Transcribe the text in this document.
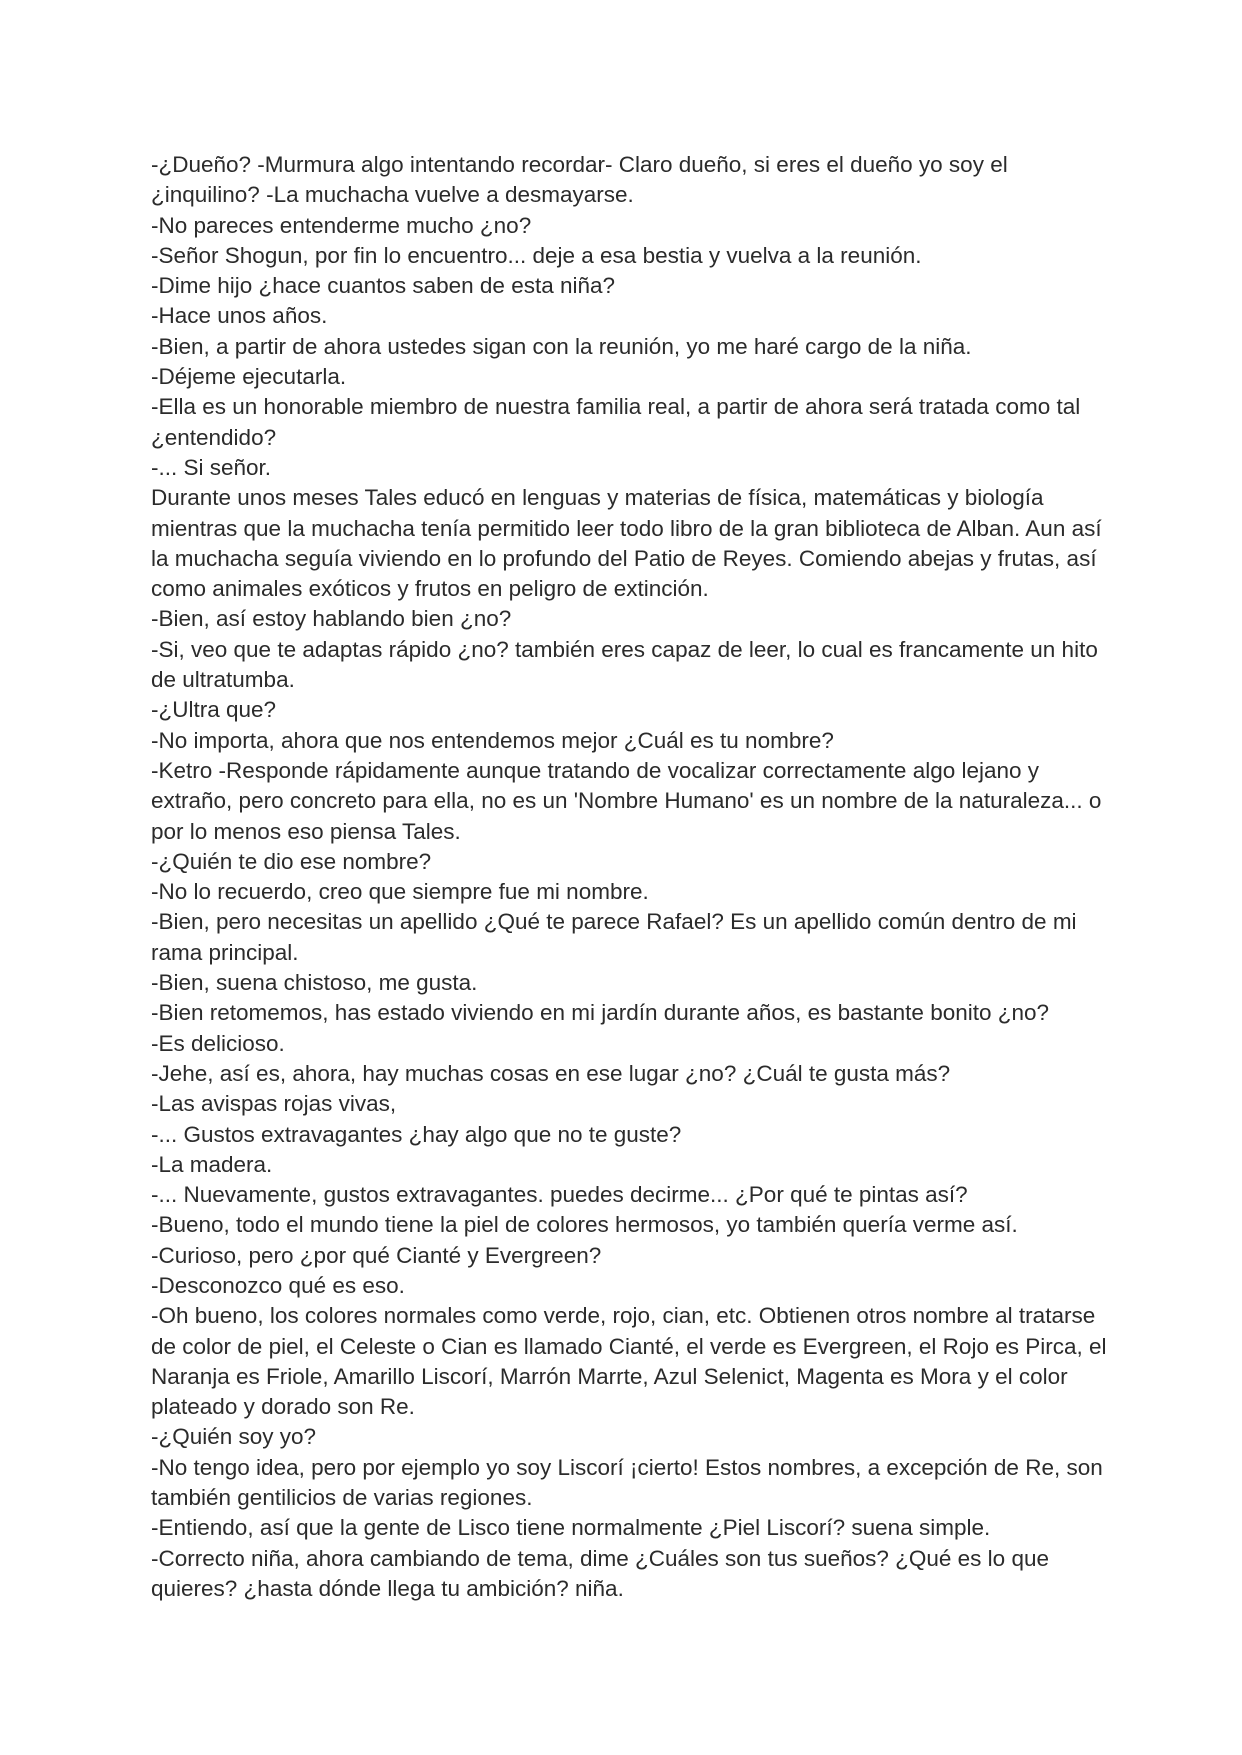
-¿Dueño? -Murmura algo intentando recordar- Claro dueño, si eres el dueño yo soy el ¿inquilino? -La muchacha vuelve a desmayarse.

-No pareces entenderme mucho ¿no?

-Señor Shogun, por fin lo encuentro... deje a esa bestia y vuelva a la reunión.

-Dime hijo ¿hace cuantos saben de esta niña?

-Hace unos años.

-Bien, a partir de ahora ustedes sigan con la reunión, yo me haré cargo de la niña.

-Déjeme ejecutarla.

-Ella es un honorable miembro de nuestra familia real, a partir de ahora será tratada como tal ¿entendido?

-... Si señor.

Durante unos meses Tales educó en lenguas y materias de física, matemáticas y biología mientras que la muchacha tenía permitido leer todo libro de la gran biblioteca de Alban. Aun así la muchacha seguía viviendo en lo profundo del Patio de Reyes. Comiendo abejas y frutas, así como animales exóticos y frutos en peligro de extinción.

-Bien, así estoy hablando bien ¿no?

-Si, veo que te adaptas rápido ¿no? también eres capaz de leer, lo cual es francamente un hito de ultratumba.

-¿Ultra que?

-No importa, ahora que nos entendemos mejor ¿Cuál es tu nombre?

-Ketro -Responde rápidamente aunque tratando de vocalizar correctamente algo lejano y extraño, pero concreto para ella, no es un 'Nombre Humano' es un nombre de la naturaleza... o por lo menos eso piensa Tales.

-¿Quién te dio ese nombre?

-No lo recuerdo, creo que siempre fue mi nombre.

-Bien, pero necesitas un apellido ¿Qué te parece Rafael? Es un apellido común dentro de mi rama principal.

-Bien, suena chistoso, me gusta.

-Bien retomemos, has estado viviendo en mi jardín durante años, es bastante bonito ¿no?

-Es delicioso.

-Jehe, así es, ahora, hay muchas cosas en ese lugar ¿no? ¿Cuál te gusta más?

-Las avispas rojas vivas,

-... Gustos extravagantes ¿hay algo que no te guste?

-La madera.

-... Nuevamente, gustos extravagantes. puedes decirme... ¿Por qué te pintas así?

-Bueno, todo el mundo tiene la piel de colores hermosos, yo también quería verme así.

-Curioso, pero ¿por qué Cianté y Evergreen?

-Desconozco qué es eso.

-Oh bueno, los colores normales como verde, rojo, cian, etc. Obtienen otros nombre al tratarse de color de piel, el Celeste o Cian es llamado Cianté, el verde es Evergreen, el Rojo es Pirca, el Naranja es Friole, Amarillo Liscorí, Marrón Marrte, Azul Selenict, Magenta es Mora y el color plateado y dorado son Re.

-¿Quién soy yo?

-No tengo idea, pero por ejemplo yo soy Liscorí ¡cierto! Estos nombres, a excepción de Re, son también gentilicios de varias regiones.

-Entiendo, así que la gente de Lisco tiene normalmente ¿Piel Liscorí? suena simple.

-Correcto niña, ahora cambiando de tema, dime ¿Cuáles son tus sueños? ¿Qué es lo que quieres? ¿hasta dónde llega tu ambición? niña.
